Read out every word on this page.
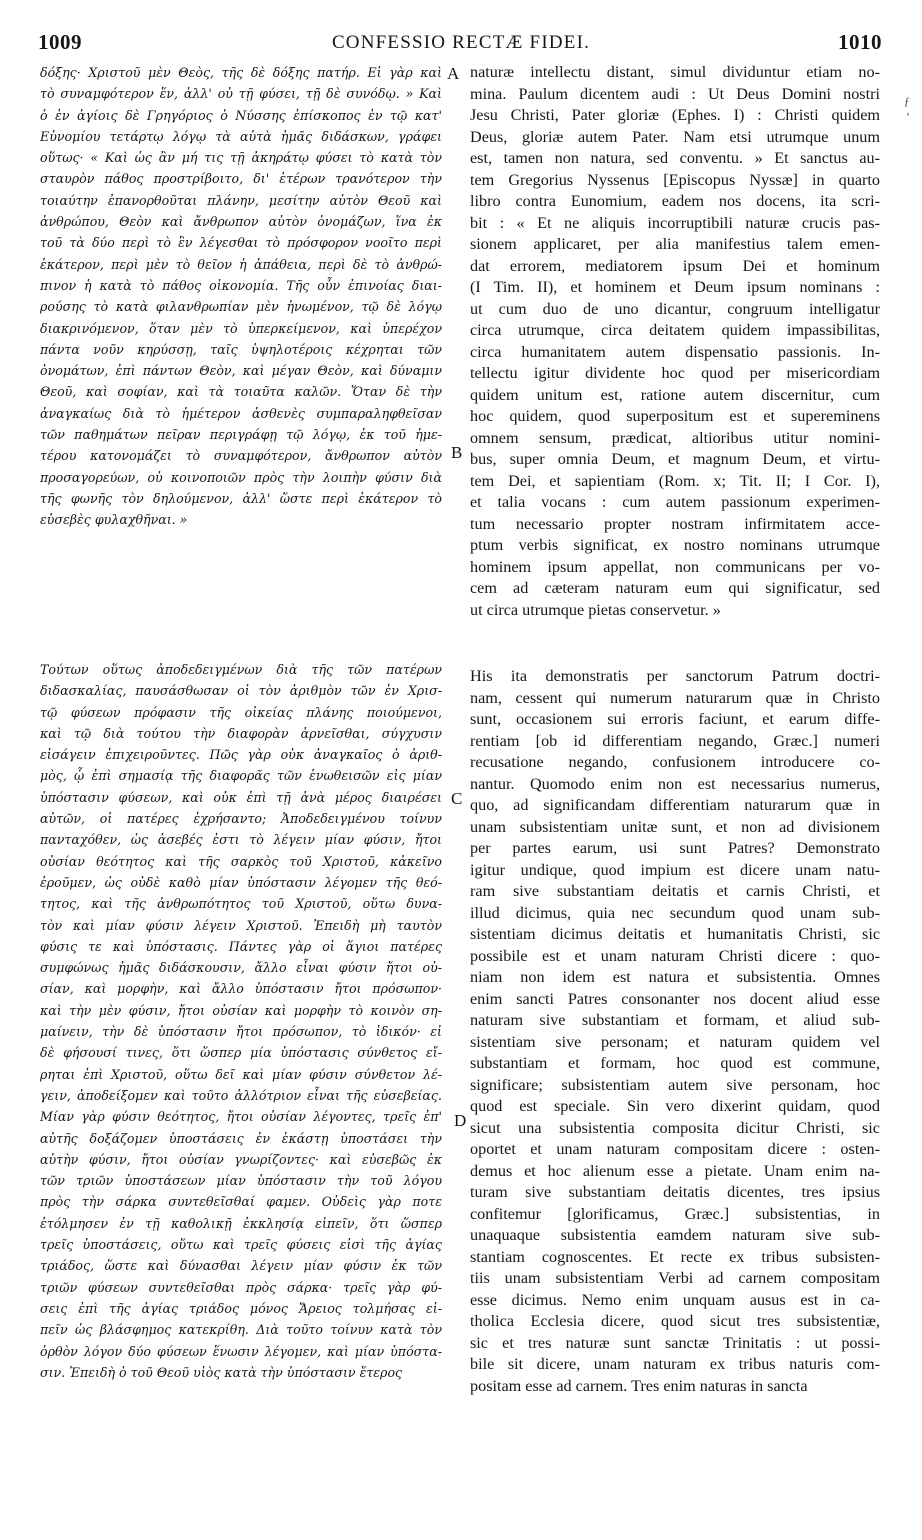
1009	CONFESSIO RECTÆ FIDEI.	1010
δόξης· Χριστοῦ μὲν Θεὸς, τῆς δὲ δόξης πατήρ. Εἰ γὰρ καὶ
τὸ συναμφότερον ἕν, ἀλλ' οὐ τῇ φύσει, τῇ δὲ συνόδῳ. » Καὶ
ὁ ἐν ἁγίοις δὲ Γρηγόριος ὁ Νύσσης ἐπίσκοπος ἐν τῷ κατ'
Εὐνομίου τετάρτῳ λόγῳ τὰ αὐτὰ ἡμᾶς διδάσκων, γράφει
οὕτως· « Καὶ ὡς ἂν μή τις τῇ ἀκηράτῳ φύσει τὸ κατὰ τὸν
σταυρὸν πάθος προστρίβοιτο, δι' ἑτέρων τρανότερον τὴν
τοιαύτην ἐπανορθοῦται πλάνην, μεσίτην αὐτὸν Θεοῦ καὶ
ἀνθρώπου, Θεὸν καὶ ἄνθρωπον αὐτὸν ὀνομάζων, ἵνα ἐκ
τοῦ τὰ δύο περὶ τὸ ἓν λέγεσθαι τὸ πρόσφορον νοοῖτο περὶ
ἑκάτερον, περὶ μὲν τὸ θεῖον ἡ ἀπάθεια, περὶ δὲ τὸ ἀνθρώ-
πινον ἡ κατὰ τὸ πάθος οἰκονομία. Τῆς οὖν ἐπινοίας διαι-
ρούσης τὸ κατὰ φιλανθρωπίαν μὲν ἡνωμένον, τῷ δὲ λόγῳ
διακρινόμενον, ὅταν μὲν τὸ ὑπερκείμενον, καὶ ὑπερέχον
πάντα νοῦν κηρύσσῃ, ταῖς ὑψηλοτέροις κέχρηται τῶν
ὀνομάτων, ἐπὶ πάντων Θεὸν, καὶ μέγαν Θεὸν, καὶ δύναμιν
Θεοῦ, καὶ σοφίαν, καὶ τὰ τοιαῦτα καλῶν. Ὅταν δὲ τὴν
ἀναγκαίως διὰ τὸ ἡμέτερον ἀσθενὲς συμπαραληφθεῖσαν
τῶν παθημάτων πεῖραν περιγράφῃ τῷ λόγῳ, ἐκ τοῦ ἡμε-
τέρου κατονομάζει τὸ συναμφότερον, ἄνθρωπον αὐτὸν
προσαγορεύων, οὐ κοινοποιῶν πρὸς τὴν λοιπὴν φύσιν διὰ
τῆς φωνῆς τὸν δηλούμενον, ἀλλ' ὥστε περὶ ἑκάτερον τὸ
εὐσεβὲς φυλαχθῆναι. »
Τούτων οὕτως ἀποδεδειγμένων διὰ τῆς τῶν πατέρων
διδασκαλίας, παυσάσθωσαν οἱ τὸν ἀριθμὸν τῶν ἐν Χρισ-
τῷ φύσεων πρόφασιν τῆς οἰκείας πλάνης ποιούμενοι,
καὶ τῷ διὰ τούτου τὴν διαφορὰν ἀρνεῖσθαι, σύγχυσιν
εἰσάγειν ἐπιχειροῦντες. Πῶς γὰρ οὐκ ἀναγκαῖος ὁ ἀριθ-
μὸς, ᾧ ἐπὶ σημασίᾳ τῆς διαφορᾶς τῶν ἑνωθεισῶν εἰς μίαν
ὑπόστασιν φύσεων, καὶ οὐκ ἐπὶ τῇ ἀνὰ μέρος διαιρέσει
αὐτῶν, οἱ πατέρες ἐχρήσαντο; Ἀποδεδειγμένου τοίνυν
πανταχόθεν, ὡς ἀσεβές ἐστι τὸ λέγειν μίαν φύσιν, ἤτοι
οὐσίαν θεότητος καὶ τῆς σαρκὸς τοῦ Χριστοῦ, κἀκεῖνο
ἐροῦμεν, ὡς οὐδὲ καθὸ μίαν ὑπόστασιν λέγομεν τῆς θεό-
τητος, καὶ τῆς ἀνθρωπότητος τοῦ Χριστοῦ, οὕτω δυνα-
τὸν καὶ μίαν φύσιν λέγειν Χριστοῦ. Ἐπειδὴ μὴ ταυτὸν
φύσις τε καὶ ὑπόστασις. Πάντες γὰρ οἱ ἅγιοι πατέρες
συμφώνως ἡμᾶς διδάσκουσιν, ἄλλο εἶναι φύσιν ἤτοι οὐ-
σίαν, καὶ μορφὴν, καὶ ἄλλο ὑπόστασιν ἤτοι πρόσωπον·
καὶ τὴν μὲν φύσιν, ἤτοι οὐσίαν καὶ μορφὴν τὸ κοινὸν ση-
μαίνειν, τὴν δὲ ὑπόστασιν ἤτοι πρόσωπον, τὸ ἰδικόν· εἰ
δὲ φήσουσί τινες, ὅτι ὥσπερ μία ὑπόστασις σύνθετος εἴ-
ρηται ἐπὶ Χριστοῦ, οὕτω δεῖ καὶ μίαν φύσιν σύνθετον λέ-
γειν, ἀποδείξομεν καὶ τοῦτο ἀλλότριον εἶναι τῆς εὐσεβείας.
Μίαν γὰρ φύσιν θεότητος, ἤτοι οὐσίαν λέγοντες, τρεῖς ἐπ'
αὐτῆς δοξάζομεν ὑποστάσεις ἐν ἑκάστῃ ὑποστάσει τὴν
αὐτὴν φύσιν, ἤτοι οὐσίαν γνωρίζοντες· καὶ εὐσεβῶς ἐκ
τῶν τριῶν ὑποστάσεων μίαν ὑπόστασιν τὴν τοῦ λόγου
πρὸς τὴν σάρκα συντεθεῖσθαί φαμεν. Οὐδεὶς γὰρ ποτε
ἐτόλμησεν ἐν τῇ καθολικῇ ἐκκλησίᾳ εἰπεῖν, ὅτι ὥσπερ
τρεῖς ὑποστάσεις, οὕτω καὶ τρεῖς φύσεις εἰσὶ τῆς ἁγίας
τριάδος, ὥστε καὶ δύνασθαι λέγειν μίαν φύσιν ἐκ τῶν
τριῶν φύσεων συντεθεῖσθαι πρὸς σάρκα· τρεῖς γὰρ φύ-
σεις ἐπὶ τῆς ἁγίας τριάδος μόνος Ἄρειος τολμήσας εἰ-
πεῖν ὡς βλάσφημος κατεκρίθη. Διὰ τοῦτο τοίνυν κατὰ τὸν
ὀρθὸν λόγον δύο φύσεων ἕνωσιν λέγομεν, καὶ μίαν ὑπόστα-
σιν. Ἐπειδὴ ὁ τοῦ Θεοῦ υἱὸς κατὰ τὴν ὑπόστασιν ἕτερος
A
B
C
D
naturæ intellectu distant, simul dividuntur etiam no-
mina. Paulum dicentem audi : Ut Deus Domini nostri
Jesu Christi, Pater gloriæ (Ephes. I) : Christi quidem
Deus, gloriæ autem Pater. Nam etsi utrumque unum
est, tamen non natura, sed conventu. » Et sanctus au-
tem Gregorius Nyssenus [Episcopus Nyssæ] in quarto
libro contra Eunomium, eadem nos docens, ita scri-
bit : « Et ne aliquis incorruptibili naturæ crucis pas-
sionem applicaret, per alia manifestius talem emen-
dat errorem, mediatorem ipsum Dei et hominum
(I Tim. II), et hominem et Deum ipsum nominans :
ut cum duo de uno dicantur, congruum intelligatur
circa utrumque, circa deitatem quidem impassibilitas,
circa humanitatem autem dispensatio passionis. In-
tellectu igitur dividente hoc quod per misericordiam
quidem unitum est, ratione autem discernitur, cum
hoc quidem, quod superpositum est et supereminens
omnem sensum, prædicat, altioribus utitur nomini-
bus, super omnia Deum, et magnum Deum, et virtu-
tem Dei, et sapientiam (Rom. x; Tit. II; I Cor. I),
et talia vocans : cum autem passionum experimen-
tum necessario propter nostram infirmitatem acce-
ptum verbis significat, ex nostro nominans utrumque
hominem ipsum appellat, non communicans per vo-
cem ad cæteram naturam eum qui significatur, sed
ut circa utrumque pietas conservetur. »
His ita demonstratis per sanctorum Patrum doctri-
nam, cessent qui numerum naturarum quæ in Christo
sunt, occasionem sui erroris faciunt, et earum diffe-
rentiam [ob id differentiam negando, Græc.] numeri
recusatione negando, confusionem introducere co-
nantur. Quomodo enim non est necessarius numerus,
quo, ad significandam differentiam naturarum quæ in
unam subsistentiam unitæ sunt, et non ad divisionem
per partes earum, usi sunt Patres? Demonstrato
igitur undique, quod impium est dicere unam natu-
ram sive substantiam deitatis et carnis Christi, et
illud dicimus, quia nec secundum quod unam sub-
sistentiam dicimus deitatis et humanitatis Christi, sic
possibile est et unam naturam Christi dicere : quo-
niam non idem est natura et subsistentia. Omnes
enim sancti Patres consonanter nos docent aliud esse
naturam sive substantiam et formam, et aliud sub-
sistentiam sive personam; et naturam quidem vel
substantiam et formam, hoc quod est commune,
significare; subsistentiam autem sive personam, hoc
quod est speciale. Sin vero dixerint quidam, quod
sicut una subsistentia composita dicitur Christi, sic
oportet et unam naturam compositam dicere : osten-
demus et hoc alienum esse a pietate. Unam enim na-
turam sive substantiam deitatis dicentes, tres ipsius
confitemur [glorificamus, Græc.] subsistentias, in
unaquaque subsistentia eamdem naturam sive sub-
stantiam cognoscentes. Et recte ex tribus subsisten-
tiis unam subsistentiam Verbi ad carnem compositam
esse dicimus. Nemo enim unquam ausus est in ca-
tholica Ecclesia dicere, quod sicut tres subsistentiæ,
sic et tres naturæ sunt sanctæ Trinitatis : ut possi-
bile sit dicere, unam naturam ex tribus naturis com-
positam esse ad carnem. Tres enim naturas in sancta
ƒ
ʼ
